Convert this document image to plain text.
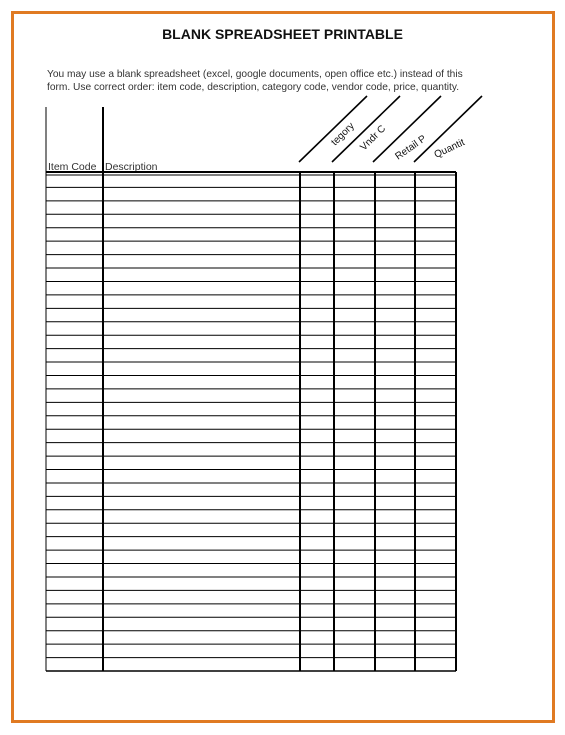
BLANK SPREADSHEET PRINTABLE
You may use a blank spreadsheet (excel, google documents, open office etc.) instead of this form. Use correct order: item code, description, category code, vendor code, price, quantity.
Item Code Description
tegory Vndr C Retail P Quantit
